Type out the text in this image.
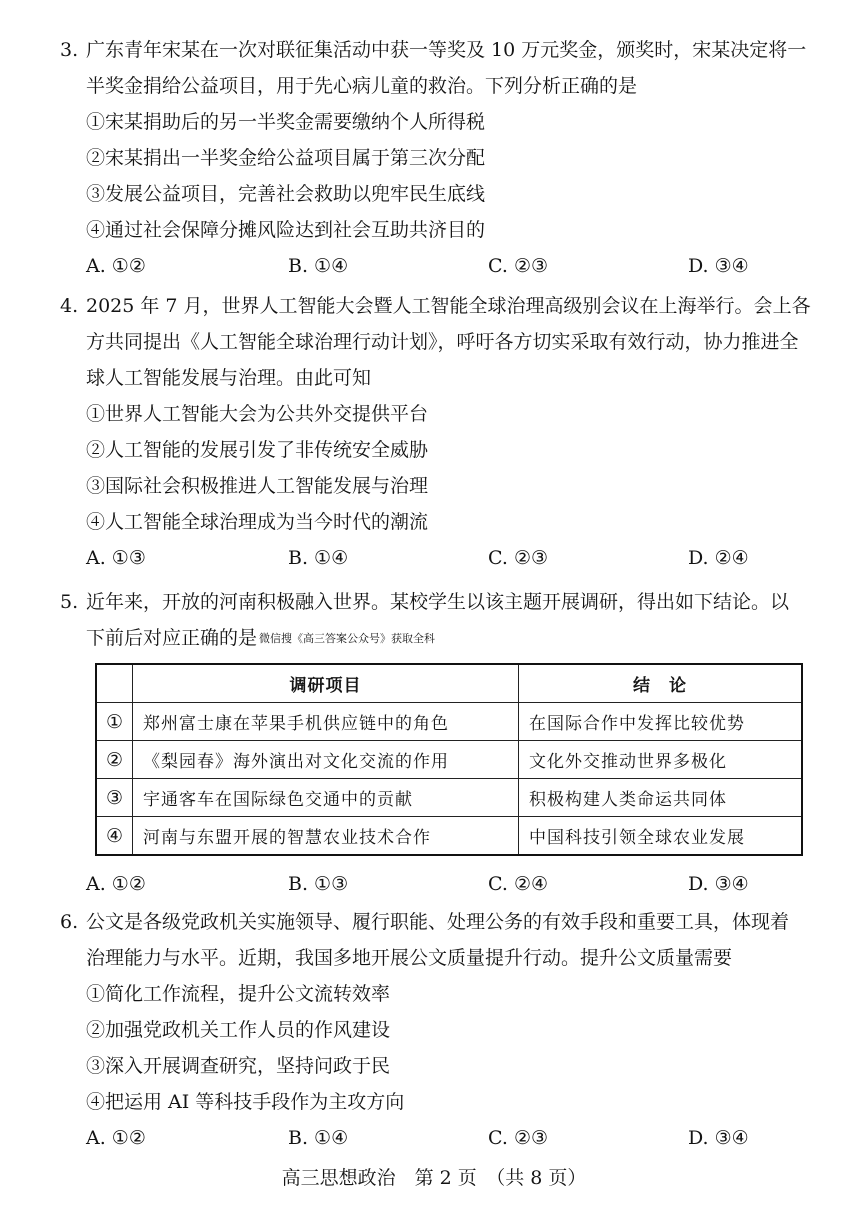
3. 广东青年宋某在一次对联征集活动中获一等奖及 10 万元奖金，颁奖时，宋某决定将一
半奖金捐给公益项目，用于先心病儿童的救治。下列分析正确的是
①宋某捐助后的另一半奖金需要缴纳个人所得税
②宋某捐出一半奖金给公益项目属于第三次分配
③发展公益项目，完善社会救助以兜牢民生底线
④通过社会保障分摊风险达到社会互助共济目的
A. ①②	B. ①④	C. ②③	D. ③④
4. 2025 年 7 月，世界人工智能大会暨人工智能全球治理高级别会议在上海举行。会上各
方共同提出《人工智能全球治理行动计划》，呼吁各方切实采取有效行动，协力推进全
球人工智能发展与治理。由此可知
①世界人工智能大会为公共外交提供平台
②人工智能的发展引发了非传统安全威胁
③国际社会积极推进人工智能发展与治理
④人工智能全球治理成为当今时代的潮流
A. ①③	B. ①④	C. ②③	D. ②④
5. 近年来，开放的河南积极融入世界。某校学生以该主题开展调研，得出如下结论。以
下前后对应正确的是 微信搜《高三答案公众号》获取全科
	调研项目	结　论
①	郑州富士康在苹果手机供应链中的角色	在国际合作中发挥比较优势
②	《梨园春》海外演出对文化交流的作用	文化外交推动世界多极化
③	宇通客车在国际绿色交通中的贡献	积极构建人类命运共同体
④	河南与东盟开展的智慧农业技术合作	中国科技引领全球农业发展
A. ①②	B. ①③	C. ②④	D. ③④
6. 公文是各级党政机关实施领导、履行职能、处理公务的有效手段和重要工具，体现着
治理能力与水平。近期，我国多地开展公文质量提升行动。提升公文质量需要
①简化工作流程，提升公文流转效率
②加强党政机关工作人员的作风建设
③深入开展调查研究，坚持问政于民
④把运用 AI 等科技手段作为主攻方向
A. ①②	B. ①④	C. ②③	D. ③④
高三思想政治　第 2 页　（共 8 页）
